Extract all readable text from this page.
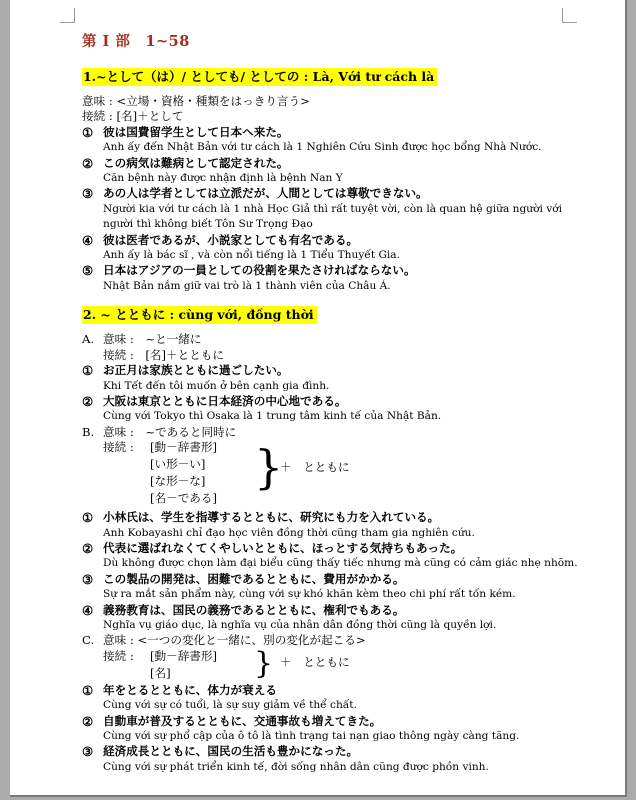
第 I 部　1~58
1.~として（は）/ としても/ としての : Là, Với tư cách là
意味 : <立場・資格・種類をはっきり言う>
接続 : [名]＋として
① 彼は国費留学生として日本へ来た。
Anh ấy đến Nhật Bản với tư cách là 1 Nghiên Cứu Sinh được học bổng Nhà Nước.
② この病気は難病として認定された。
Căn bệnh này được nhận định là bệnh Nan Y
③ あの人は学者としては立派だが、人間としては尊敬できない。
Người kia với tư cách là 1 nhà Học Giả thì rất tuyệt vời, còn là quan hệ giữa người với
người thì không biết Tôn Sư Trọng Đạo
④ 彼は医者であるが、小説家としても有名である。
Anh ấy là bác sĩ , và còn nổi tiếng là 1 Tiểu Thuyết Gia.
⑤ 日本はアジアの一員としての役割を果たさければならない。
Nhật Bản nắm giữ vai trò là 1 thành viên của Châu Á.
2. ~ とともに : cùng với, đồng thời
A. 意味 :　~と一緒に
接続 :　[名]＋とともに
① お正月は家族とともに過ごしたい。
Khi Tết đến tôi muốn ở bên cạnh gia đình.
② 大阪は東京とともに日本経済の中心地である。
Cùng với Tokyo thì Osaka là 1 trung tâm kinh tế của Nhật Bản.
B. 意味 :　~であると同時に
接続 : [動－辞書形]
[い形－い]
[な形－な]
[名－である]
}
＋　とともに
① 小林氏は、学生を指導するとともに、研究にも力を入れている。
Anh Kobayashi chỉ đạo học viên đồng thời cũng tham gia nghiên cứu.
② 代表に選ばれなくてくやしいとともに、ほっとする気持ちもあった。
Dù không được chọn làm đại biểu cũng thấy tiếc nhưng mà cũng có cảm giác nhẹ nhõm.
③ この製品の開発は、困難であるとともに、費用がかかる。
Sự ra mắt sản phẩm này, cùng với sự khó khăn kèm theo chi phí rất tốn kém.
④ 義務教育は、国民の義務であるとともに、権利でもある。
Nghĩa vụ giáo dục, là nghĩa vụ của nhân dân đồng thời cũng là quyền lợi.
C. 意味 : <一つの変化と一緒に、別の変化が起こる>
接続 : [動－辞書形]
[名]	} ＋　とともに
① 年をとるとともに、体力が衰える
Cùng với sự có tuổi, là sự suy giảm về thể chất.
② 自動車が普及するとともに、交通事故も増えてきた。
Cùng với sự phổ cập của ô tô là tình trạng tai nạn giao thông ngày càng tăng.
③ 経済成長とともに、国民の生活も豊かになった。
Cùng với sự phát triển kinh tế, đời sống nhân dân cũng được phồn vinh.
